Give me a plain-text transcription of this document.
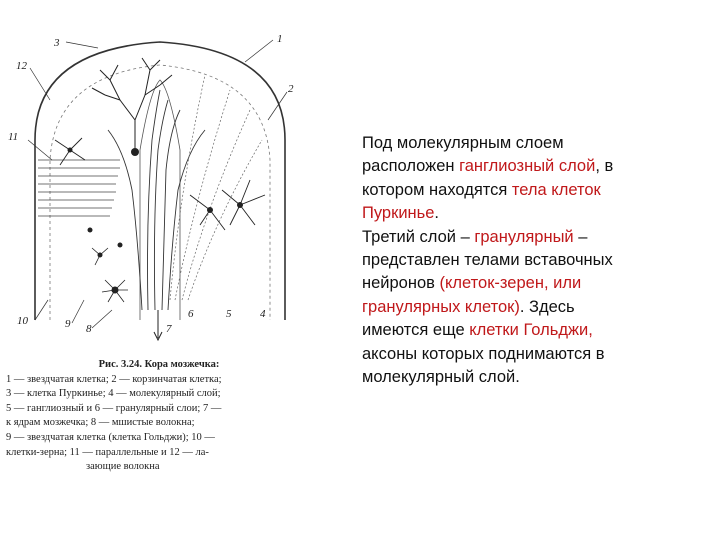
3
12
1
2
11
10	9 8	7
6	5	4
Рис. 3.24. Кора мозжечка:
1 — звездчатая клетка; 2 — корзинчатая клетка;
3 — клетка Пуркинье; 4 — молекулярный слой;
5 — ганглиозный и 6 — гранулярный слои; 7 —
к ядрам мозжечка; 8 — мшистые волокна;
9 — звездчатая клетка (клетка Гольджи); 10 —
клетки-зерна; 11 — параллельные и 12 — ла-
зающие волокна
Под молекулярным слоем
расположен ганглиозный слой, в
котором находятся тела клеток
Пуркинье.
Третий слой – гранулярный –
представлен телами вставочных
нейронов (клеток-зерен, или
гранулярных клеток). Здесь
имеются еще клетки Гольджи,
аксоны которых поднимаются в
молекулярный слой.
